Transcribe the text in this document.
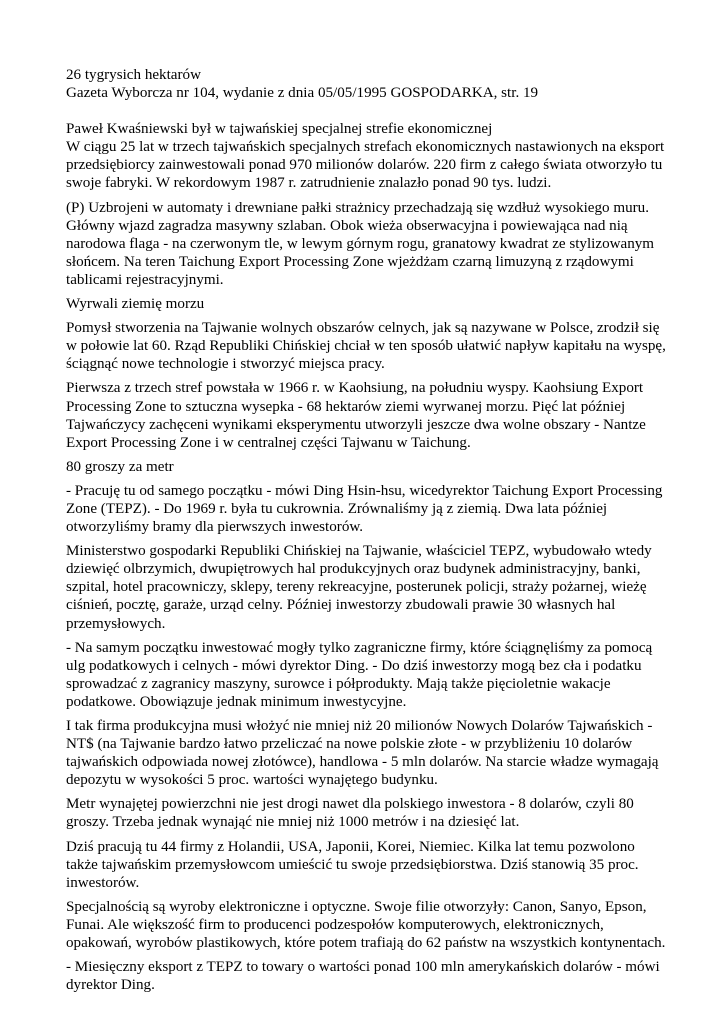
26 tygrysich hektarów

Gazeta Wyborcza nr 104, wydanie z dnia 05/05/1995 GOSPODARKA, str. 19

Paweł Kwaśniewski był w tajwańskiej specjalnej strefie ekonomicznej

W ciągu 25 lat w trzech tajwańskich specjalnych strefach ekonomicznych nastawionych na eksport przedsiębiorcy zainwestowali ponad 970 milionów dolarów. 220 firm z całego świata otworzyło tu swoje fabryki. W rekordowym 1987 r. zatrudnienie znalazło ponad 90 tys. ludzi.

(P) Uzbrojeni w automaty i drewniane pałki strażnicy przechadzają się wzdłuż wysokiego muru. Główny wjazd zagradza masywny szlaban. Obok wieża obserwacyjna i powiewająca nad nią narodowa flaga - na czerwonym tle, w lewym górnym rogu, granatowy kwadrat ze stylizowanym słońcem. Na teren Taichung Export Processing Zone wjeżdżam czarną limuzyną z rządowymi tablicami rejestracyjnymi.

Wyrwali ziemię morzu

Pomysł stworzenia na Tajwanie wolnych obszarów celnych, jak są nazywane w Polsce, zrodził się w połowie lat 60. Rząd Republiki Chińskiej chciał w ten sposób ułatwić napływ kapitału na wyspę, ściągnąć nowe technologie i stworzyć miejsca pracy.

Pierwsza z trzech stref powstała w 1966 r. w Kaohsiung, na południu wyspy. Kaohsiung Export Processing Zone to sztuczna wysepka - 68 hektarów ziemi wyrwanej morzu. Pięć lat później Tajwańczycy zachęceni wynikami eksperymentu utworzyli jeszcze dwa wolne obszary - Nantze Export Processing Zone i w centralnej części Tajwanu w Taichung.

80 groszy za metr

- Pracuję tu od samego początku - mówi Ding Hsin-hsu, wicedyrektor Taichung Export Processing Zone (TEPZ). - Do 1969 r. była tu cukrownia. Zrównaliśmy ją z ziemią. Dwa lata później otworzyliśmy bramy dla pierwszych inwestorów.

Ministerstwo gospodarki Republiki Chińskiej na Tajwanie, właściciel TEPZ, wybudowało wtedy dziewięć olbrzymich, dwupiętrowych hal produkcyjnych oraz budynek administracyjny, banki, szpital, hotel pracowniczy, sklepy, tereny rekreacyjne, posterunek policji, straży pożarnej, wieżę ciśnień, pocztę, garaże, urząd celny. Później inwestorzy zbudowali prawie 30 własnych hal przemysłowych.

- Na samym początku inwestować mogły tylko zagraniczne firmy, które ściągnęliśmy za pomocą ulg podatkowych i celnych - mówi dyrektor Ding. - Do dziś inwestorzy mogą bez cła i podatku sprowadzać z zagranicy maszyny, surowce i półprodukty. Mają także pięcioletnie wakacje podatkowe. Obowiązuje jednak minimum inwestycyjne.

I tak firma produkcyjna musi włożyć nie mniej niż 20 milionów Nowych Dolarów Tajwańskich - NT$ (na Tajwanie bardzo łatwo przeliczać na nowe polskie złote - w przybliżeniu 10 dolarów tajwańskich odpowiada nowej złotówce), handlowa - 5 mln dolarów. Na starcie władze wymagają depozytu w wysokości 5 proc. wartości wynajętego budynku.

Metr wynajętej powierzchni nie jest drogi nawet dla polskiego inwestora - 8 dolarów, czyli 80 groszy. Trzeba jednak wynająć nie mniej niż 1000 metrów i na dziesięć lat.

Dziś pracują tu 44 firmy z Holandii, USA, Japonii, Korei, Niemiec. Kilka lat temu pozwolono także tajwańskim przemysłowcom umieścić tu swoje przedsiębiorstwa. Dziś stanowią 35 proc. inwestorów.

Specjalnością są wyroby elektroniczne i optyczne. Swoje filie otworzyły: Canon, Sanyo, Epson, Funai. Ale większość firm to producenci podzespołów komputerowych, elektronicznych, opakowań, wyrobów plastikowych, które potem trafiają do 62 państw na wszystkich kontynentach.

- Miesięczny eksport z TEPZ to towary o wartości ponad 100 mln amerykańskich dolarów - mówi dyrektor Ding.
